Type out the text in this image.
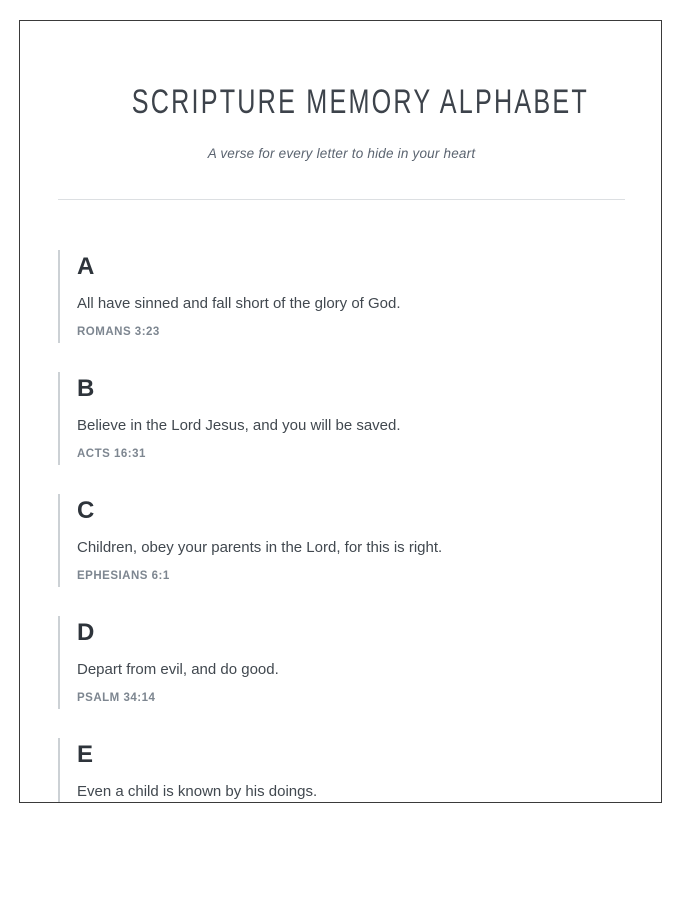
SCRIPTURE MEMORY ALPHABET

A verse for every letter to hide in your heart

A

All have sinned and fall short of the glory of God.

ROMANS 3:23

B

Believe in the Lord Jesus, and you will be saved.

ACTS 16:31

C

Children, obey your parents in the Lord, for this is right.

EPHESIANS 6:1

D

Depart from evil, and do good.

PSALM 34:14

E

Even a child is known by his doings.
